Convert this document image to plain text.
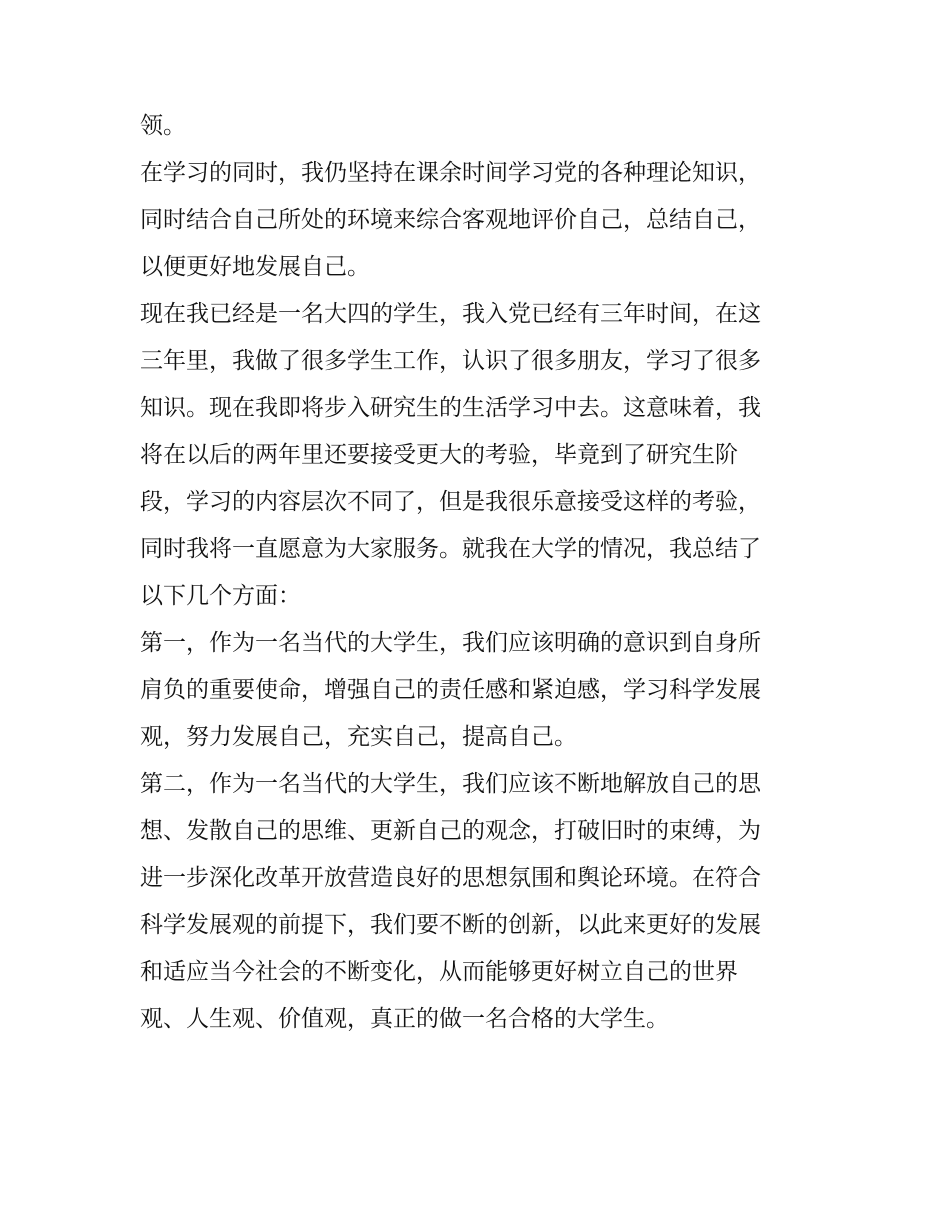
领。
在学习的同时，我仍坚持在课余时间学习党的各种理论知识，
同时结合自己所处的环境来综合客观地评价自己，总结自己，
以便更好地发展自己。
现在我已经是一名大四的学生，我入党已经有三年时间，在这
三年里，我做了很多学生工作，认识了很多朋友，学习了很多
知识。现在我即将步入研究生的生活学习中去。这意味着，我
将在以后的两年里还要接受更大的考验，毕竟到了研究生阶
段，学习的内容层次不同了，但是我很乐意接受这样的考验，
同时我将一直愿意为大家服务。就我在大学的情况，我总结了
以下几个方面：
第一，作为一名当代的大学生，我们应该明确的意识到自身所
肩负的重要使命，增强自己的责任感和紧迫感，学习科学发展
观，努力发展自己，充实自己，提高自己。
第二，作为一名当代的大学生，我们应该不断地解放自己的思
想、发散自己的思维、更新自己的观念，打破旧时的束缚，为
进一步深化改革开放营造良好的思想氛围和舆论环境。在符合
科学发展观的前提下，我们要不断的创新，以此来更好的发展
和适应当今社会的不断变化，从而能够更好树立自己的世界
观、人生观、价值观，真正的做一名合格的大学生。
